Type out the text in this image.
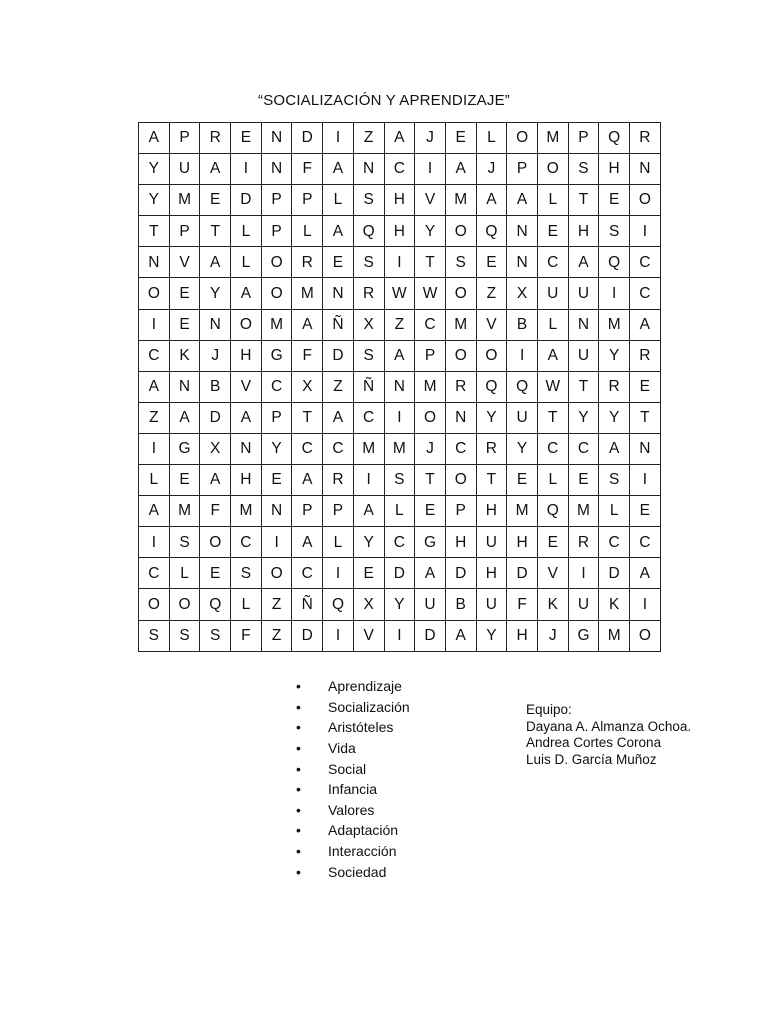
“SOCIALIZACIÓN Y APRENDIZAJE”
A	P	R	E	N	D	I	Z	A	J	E	L	O	M	P	Q	R
Y	U	A	I	N	F	A	N	C	I	A	J	P	O	S	H	N
Y	M	E	D	P	P	L	S	H	V	M	A	A	L	T	E	O
T	P	T	L	P	L	A	Q	H	Y	O	Q	N	E	H	S	I
N	V	A	L	O	R	E	S	I	T	S	E	N	C	A	Q	C
O	E	Y	A	O	M	N	R	W	W	O	Z	X	U	U	I	C
I	E	N	O	M	A	Ñ	X	Z	C	M	V	B	L	N	M	A
C	K	J	H	G	F	D	S	A	P	O	O	I	A	U	Y	R
A	N	B	V	C	X	Z	Ñ	N	M	R	Q	Q	W	T	R	E
Z	A	D	A	P	T	A	C	I	O	N	Y	U	T	Y	Y	T
I	G	X	N	Y	C	C	M	M	J	C	R	Y	C	C	A	N
L	E	A	H	E	A	R	I	S	T	O	T	E	L	E	S	I
A	M	F	M	N	P	P	A	L	E	P	H	M	Q	M	L	E
I	S	O	C	I	A	L	Y	C	G	H	U	H	E	R	C	C
C	L	E	S	O	C	I	E	D	A	D	H	D	V	I	D	A
O	O	Q	L	Z	Ñ	Q	X	Y	U	B	U	F	K	U	K	I
S	S	S	F	Z	D	I	V	I	D	A	Y	H	J	G	M	O
•	Aprendizaje
•	Socialización
•	Aristóteles
•	Vida
•	Social
•	Infancia
•	Valores
•	Adaptación
•	Interacción
•	Sociedad
Equipo:
Dayana A. Almanza Ochoa.
Andrea Cortes Corona
Luis D. García Muñoz
